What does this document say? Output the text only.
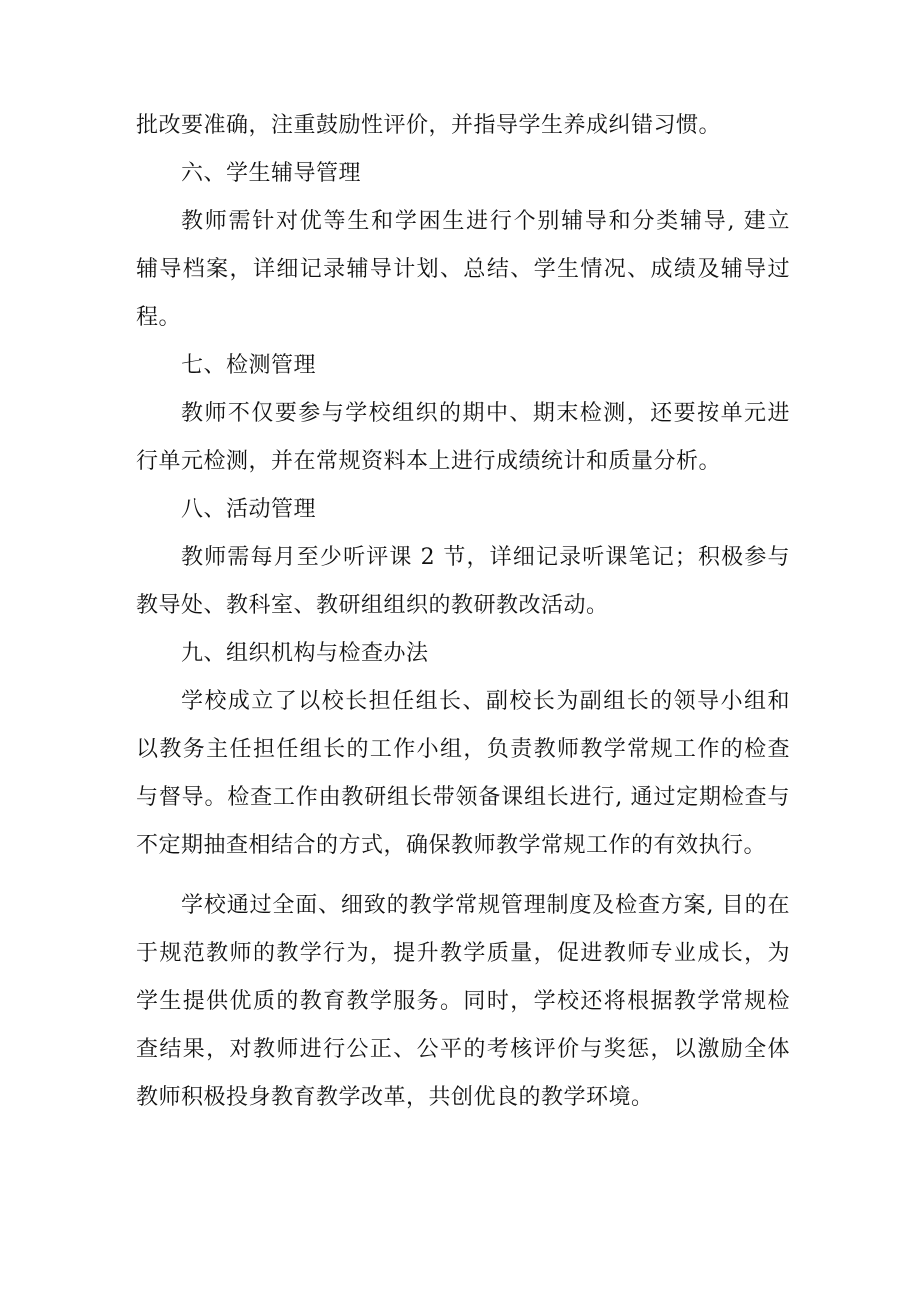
批改要准确，注重鼓励性评价，并指导学生养成纠错习惯。
六、学生辅导管理
教师需针对优等生和学困生进行个别辅导和分类辅导, 建立
辅导档案，详细记录辅导计划、总结、学生情况、成绩及辅导过
程。
七、检测管理
教师不仅要参与学校组织的期中、期末检测，还要按单元进
行单元检测，并在常规资料本上进行成绩统计和质量分析。
八、活动管理
教师需每月至少听评课 2 节，详细记录听课笔记；积极参与
教导处、教科室、教研组组织的教研教改活动。
九、组织机构与检查办法
学校成立了以校长担任组长、副校长为副组长的领导小组和
以教务主任担任组长的工作小组，负责教师教学常规工作的检查
与督导。检查工作由教研组长带领备课组长进行, 通过定期检查与
不定期抽查相结合的方式，确保教师教学常规工作的有效执行。
学校通过全面、细致的教学常规管理制度及检查方案, 目的在
于规范教师的教学行为，提升教学质量，促进教师专业成长，为
学生提供优质的教育教学服务。同时，学校还将根据教学常规检
查结果，对教师进行公正、公平的考核评价与奖惩，以激励全体
教师积极投身教育教学改革，共创优良的教学环境。
